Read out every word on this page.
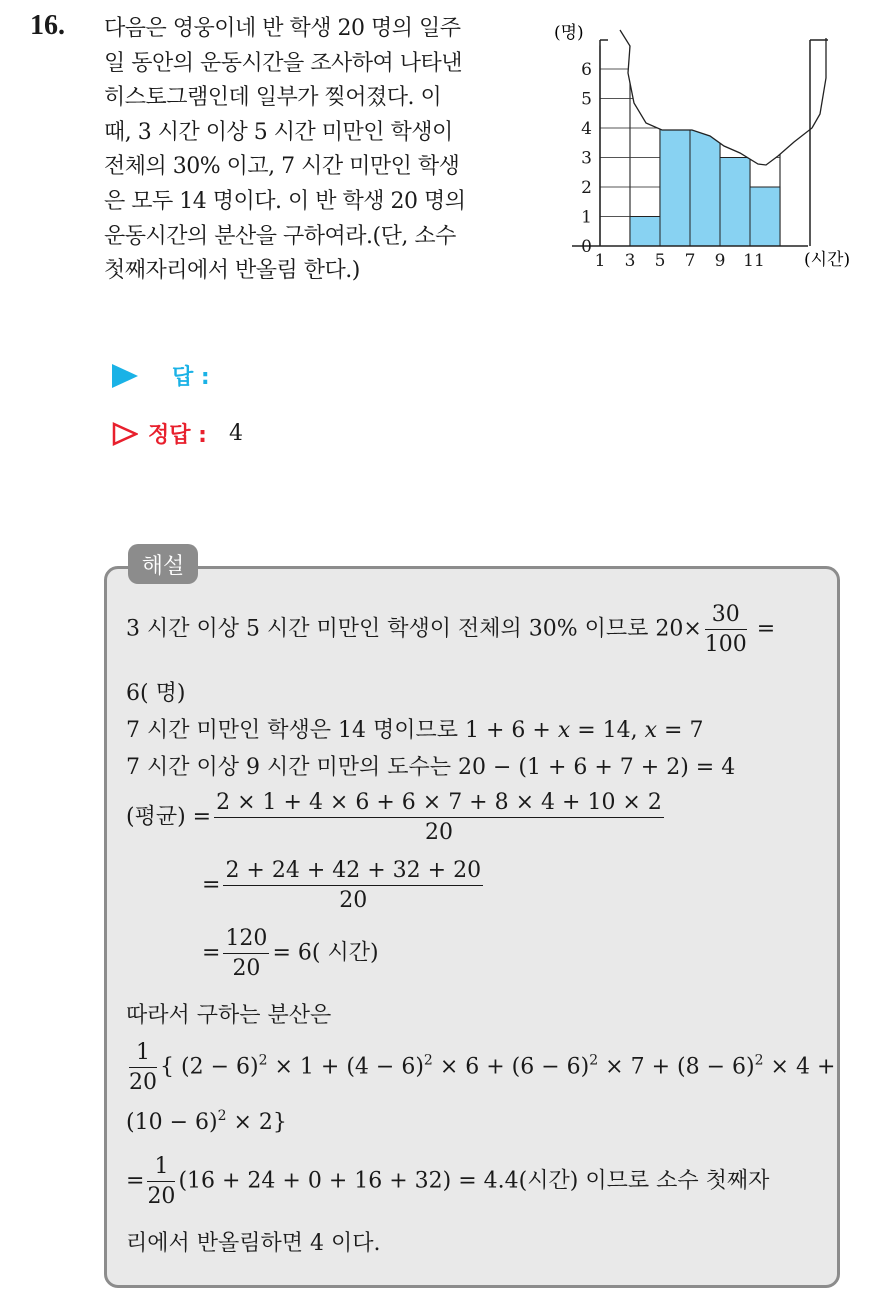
16. 다음은 영웅이네 반 학생 20 명의 일주
일 동안의 운동시간을 조사하여 나타낸
히스토그램인데 일부가 찢어졌다. 이
때, 3 시간 이상 5 시간 미만인 학생이
전체의 30% 이고, 7 시간 미만인 학생
은 모두 14 명이다. 이 반 학생 20 명의
운동시간의 분산을 구하여라.(단, 소수
첫째자리에서 반올림 한다.)
0
1
2
3
4
5
6
1 3 5 7 9 11
(명)
(시간)
답 :
정답 : 4
해설
3 시간 이상 5 시간 미만인 학생이 전체의 30% 이므로 $20\times \frac{30}{100}$ =
6( 명)
7 시간 미만인 학생은 14 명이므로 1 + 6 + x = 14, x = 7
7 시간 이상 9 시간 미만의 도수는 20 − (1 + 6 + 7 + 2) = 4
(평균) = $\frac{2 \times 1 + 4 \times 6 + 6 \times 7 + 8 \times 4 + 10 \times 2}{20}$
= $\frac{2 + 24 + 42 + 32 + 20}{20}$
= $\frac{120}{20} = 6$( 시간)
따라서 구하는 분산은
$\frac{1}{20}$ { $(2 - 6)^2 \times 1 + (4 - 6)^2 \times 6 + (6 - 6)^2 \times 7 + (8 - 6)^2 \times 4$ +
$(10 - 6)^2 \times 2$}
= $\frac{1}{20} (16 + 24 + 0 + 16 + 32) = 4.4$(시간) 이므로 소수 첫째자
리에서 반올림하면 4 이다.
